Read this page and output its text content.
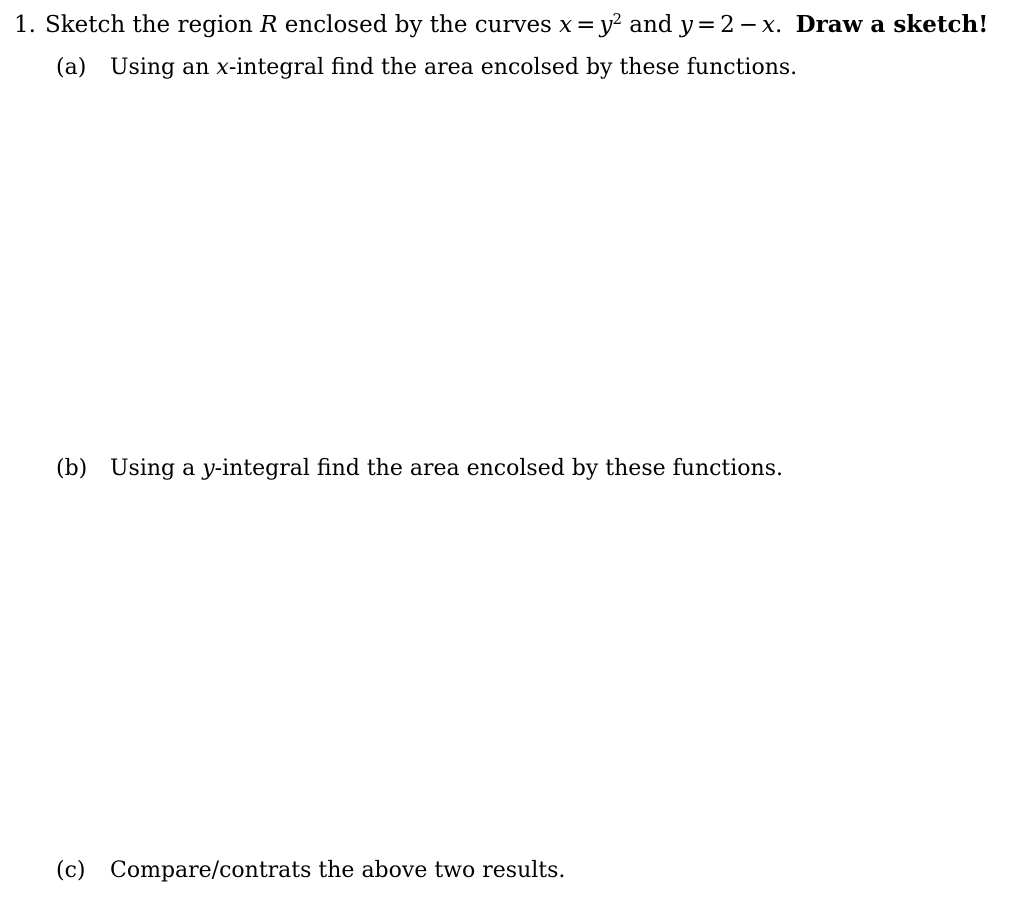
1. Sketch the region R enclosed by the curves $x = y^2$ and y = 2 − x. Draw a sketch!
(a) Using an x-integral find the area encolsed by these functions.
(b) Using a y-integral find the area encolsed by these functions.
(c) Compare/contrats the above two results.
